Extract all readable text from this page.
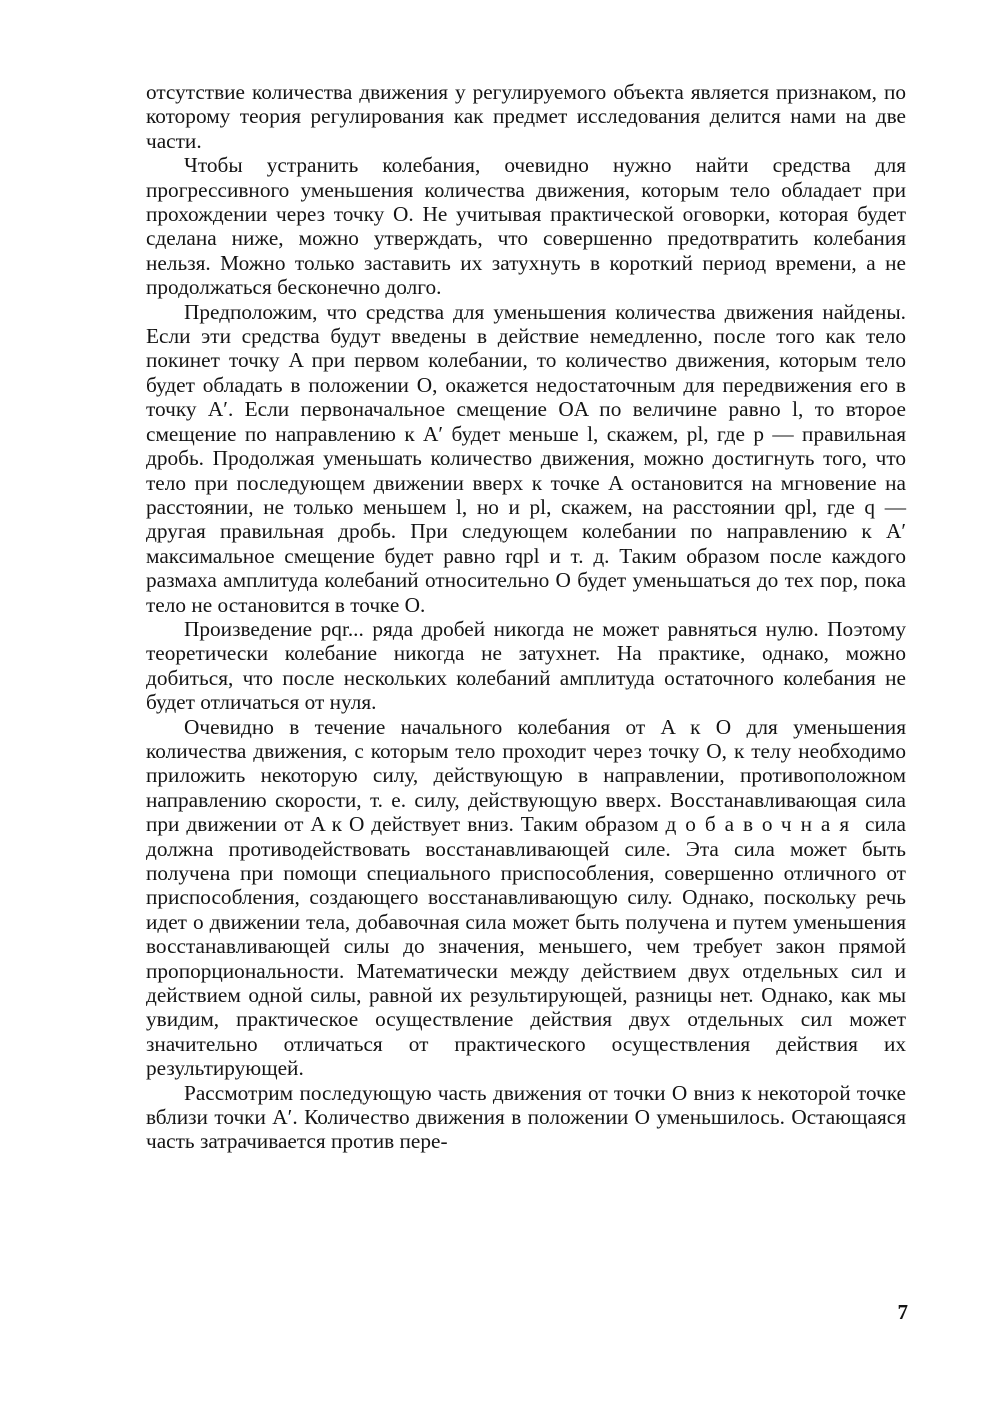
отсутствие количества движения у регулируемого объекта является признаком, по которому теория регулирования как предмет исследования делится нами на две части.

Чтобы устранить колебания, очевидно нужно найти средства для прогрессивного уменьшения количества движения, которым тело обладает при прохождении через точку O. Не учитывая практической оговорки, которая будет сделана ниже, можно утверждать, что совершенно предотвратить колебания нельзя. Можно только заставить их затухнуть в короткий период времени, а не продолжаться бесконечно долго.

Предположим, что средства для уменьшения количества движения найдены. Если эти средства будут введены в действие немедленно, после того как тело покинет точку A при первом колебании, то количество движения, которым тело будет обладать в положении O, окажется недостаточным для передвижения его в точку A′. Если первоначальное смещение OA по величине равно l, то второе смещение по направлению к A′ будет меньше l, скажем, pl, где p — правильная дробь. Продолжая уменьшать количество движения, можно достигнуть того, что тело при последующем движении вверх к точке A остановится на мгновение на расстоянии, не только меньшем l, но и pl, скажем, на расстоянии qpl, где q — другая правильная дробь. При следующем колебании по направлению к A′ максимальное смещение будет равно rqpl и т. д. Таким образом после каждого размаха амплитуда колебаний относительно O будет уменьшаться до тех пор, пока тело не остановится в точке O.

Произведение pqr... ряда дробей никогда не может равняться нулю. Поэтому теоретически колебание никогда не затухнет. На практике, однако, можно добиться, что после нескольких колебаний амплитуда остаточного колебания не будет отличаться от нуля.

Очевидно в течение начального колебания от A к O для уменьшения количества движения, с которым тело проходит через точку O, к телу необходимо приложить некоторую силу, действующую в направлении, противоположном направлению скорости, т. е. силу, действующую вверх. Восстанавливающая сила при движении от A к O действует вниз. Таким образом добавочная сила должна противодействовать восстанавливающей силе. Эта сила может быть получена при помощи специального приспособления, совершенно отличного от приспособления, создающего восстанавливающую силу. Однако, поскольку речь идет о движении тела, добавочная сила может быть получена и путем уменьшения восстанавливающей силы до значения, меньшего, чем требует закон прямой пропорциональности. Математически между действием двух отдельных сил и действием одной силы, равной их результирующей, разницы нет. Однако, как мы увидим, практическое осуществление действия двух отдельных сил может значительно отличаться от практического осуществления действия их результирующей.

Рассмотрим последующую часть движения от точки O вниз к некоторой точке вблизи точки A′. Количество движения в положении O уменьшилось. Остающаяся часть затрачивается против пере-

7
